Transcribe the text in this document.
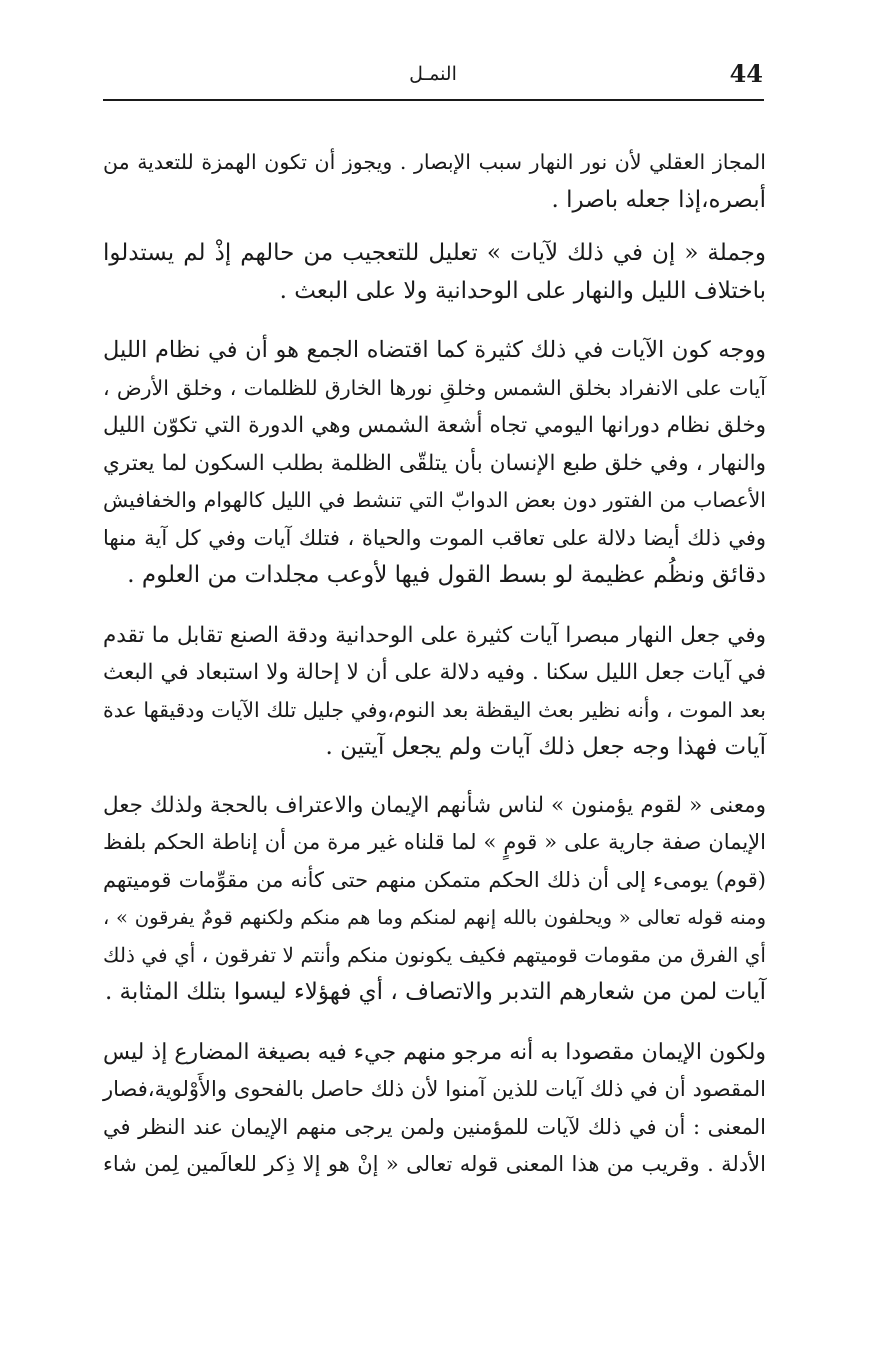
44
النمـل

المجاز العقلي لأن نور النهار سبب الإبصار . ويجوز أن تكون الهمزة للتعدية من
أبصره،إذا جعله باصرا .

وجملة « إن في ذلك لآيات » تعليل للتعجيب من حالهم إذْ لم يستدلوا
باختلاف الليل والنهار على الوحدانية ولا على البعث .

ووجه كون الآيات في ذلك كثيرة كما اقتضاه الجمع هو أن في نظام الليل
آيات على الانفراد بخلق الشمس وخلقِ نورها الخارق للظلمات ، وخلق الأرض ،
وخلق نظام دورانها اليومي تجاه أشعة الشمس وهي الدورة التي تكوّن الليل
والنهار ، وفي خلق طبع الإنسان بأن يتلقّى الظلمة بطلب السكون لما يعتري
الأعصاب من الفتور دون بعض الدوابّ التي تنشط في الليل كالهوام والخفافيش
وفي ذلك أيضا دلالة على تعاقب الموت والحياة ، فتلك آيات وفي كل آية منها
دقائق ونظُم عظيمة لو بسط القول فيها لأوعب مجلدات من العلوم .

وفي جعل النهار مبصرا آيات كثيرة على الوحدانية ودقة الصنع تقابل ما تقدم
في آيات جعل الليل سكنا . وفيه دلالة على أن لا إحالة ولا استبعاد في البعث
بعد الموت ، وأنه نظير بعث اليقظة بعد النوم،وفي جليل تلك الآيات ودقيقها عدة
آيات فهذا وجه جعل ذلك آيات ولم يجعل آيتين .

ومعنى « لقوم يؤمنون » لناس شأنهم الإيمان والاعتراف بالحجة ولذلك جعل
الإيمان صفة جارية على « قومٍ » لما قلناه غير مرة من أن إناطة الحكم بلفظ
(قوم) يومىء إلى أن ذلك الحكم متمكن منهم حتى كأنه من مقوِّمات قوميتهم
ومنه قوله تعالى « ويحلفون بالله إنهم لمنكم وما هم منكم ولكنهم قومٌ يفرقون » ،
أي الفرق من مقومات قوميتهم فكيف يكونون منكم وأنتم لا تفرقون ، أي في ذلك
آيات لمن من شعارهم التدبر والاتصاف ، أي فهؤلاء ليسوا بتلك المثابة .

ولكون الإيمان مقصودا به أنه مرجو منهم جيء فيه بصيغة المضارع إذ ليس
المقصود أن في ذلك آيات للذين آمنوا لأن ذلك حاصل بالفحوى والأَوْلوية،فصار
المعنى : أن في ذلك لآيات للمؤمنين ولمن يرجى منهم الإيمان عند النظر في
الأدلة . وقريب من هذا المعنى قوله تعالى « إنْ هو إلا ذِكر للعالَمين لِمن شاء
